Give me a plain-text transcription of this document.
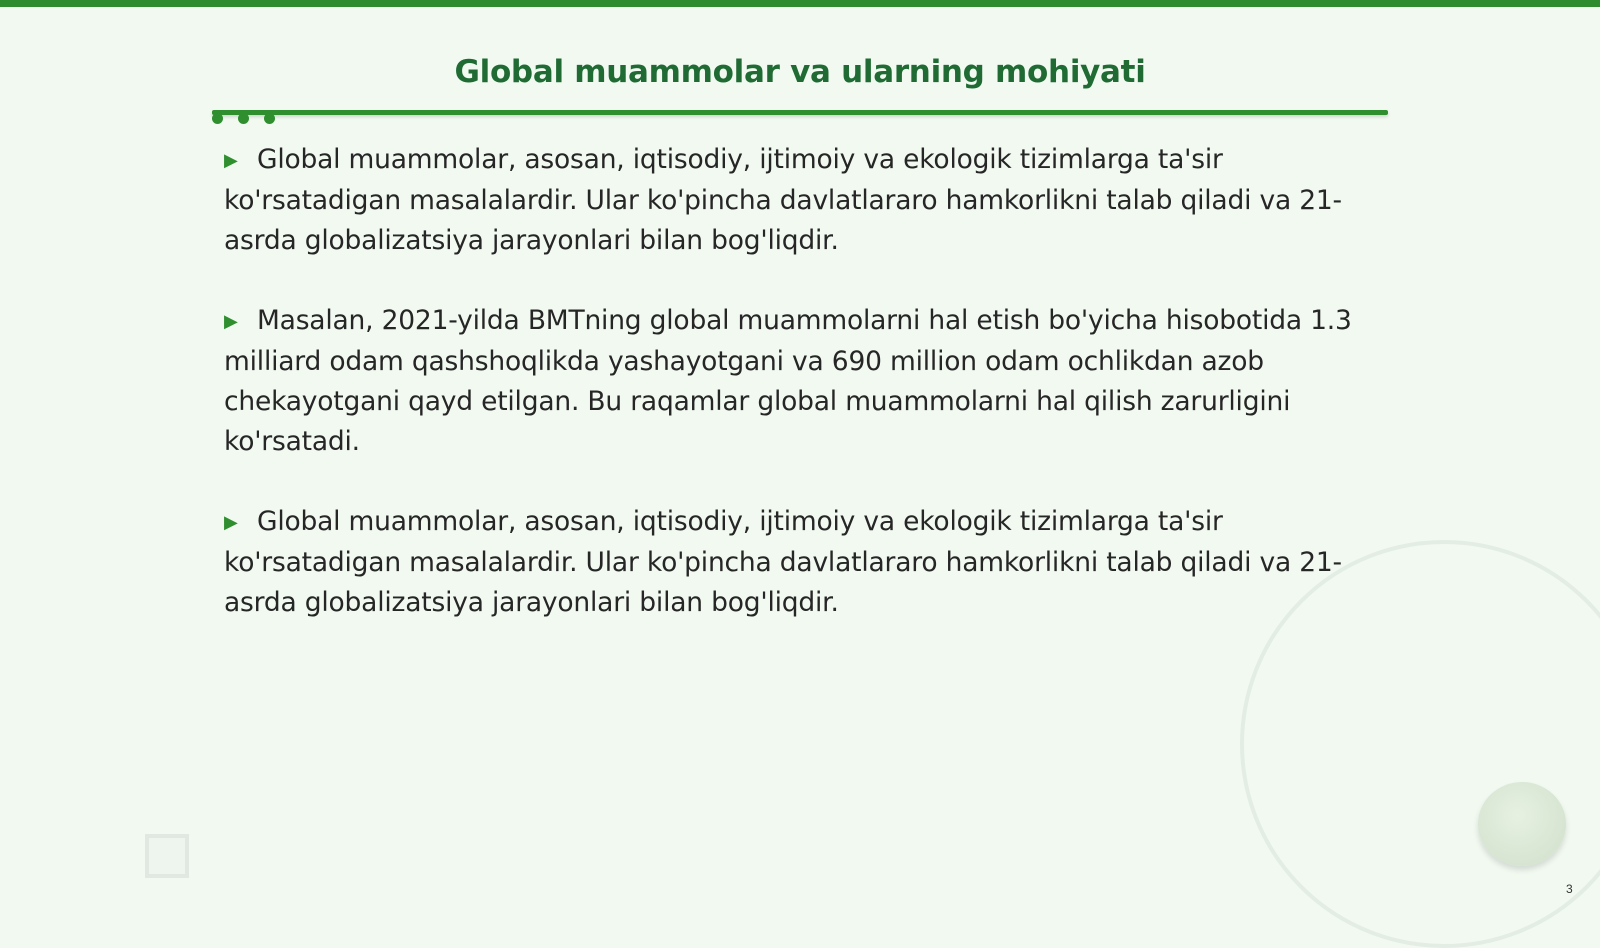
Global muammolar va ularning mohiyati

▶ Global muammolar, asosan, iqtisodiy, ijtimoiy va ekologik tizimlarga ta'sir ko'rsatadigan masalalardir. Ular ko'pincha davlatlararo hamkorlikni talab qiladi va 21-asrda globalizatsiya jarayonlari bilan bog'liqdir.

▶ Masalan, 2021-yilda BMTning global muammolarni hal etish bo'yicha hisobotida 1.3 milliard odam qashshoqlikda yashayotgani va 690 million odam ochlikdan azob chekayotgani qayd etilgan. Bu raqamlar global muammolarni hal qilish zarurligini ko'rsatadi.

▶ Global muammolar, asosan, iqtisodiy, ijtimoiy va ekologik tizimlarga ta'sir ko'rsatadigan masalalardir. Ular ko'pincha davlatlararo hamkorlikni talab qiladi va 21-asrda globalizatsiya jarayonlari bilan bog'liqdir.

3
